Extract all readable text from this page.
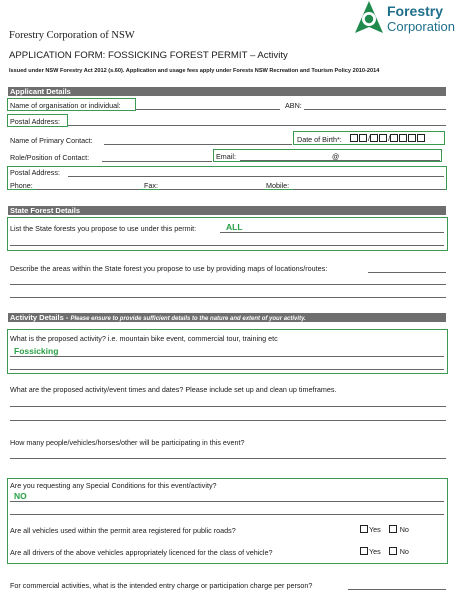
Forestry Corporation of NSW
Forestry
Corporation
APPLICATION FORM: FOSSICKING FOREST PERMIT – Activity
Issued under NSW Forestry Act 2012 (s.60). Application and usage fees apply under Forests NSW Recreation and Tourism Policy 2010-2014
Applicant Details
Name of organisation or individual:	ABN:
Postal Address:
Name of Primary Contact:	Date of Birth*:	/ /
Role/Position of Contact:	Email:	@
Postal Address:
Phone:	Fax:	Mobile:
State Forest Details
List the State forests you propose to use under this permit:	ALL
Describe the areas within the State forest you propose to use by providing maps of locations/routes:
Activity Details - Please ensure to provide sufficient details to the nature and extent of your activity.
What is the proposed activity? i.e. mountain bike event, commercial tour, training etc
Fossicking
What are the proposed activity/event times and dates? Please include set up and clean up timeframes.
How many people/vehicles/horses/other will be participating in this event?
Are you requesting any Special Conditions for this event/activity?
NO
Are all vehicles used within the permit area registered for public roads?	Yes	No
Are all drivers of the above vehicles appropriately licenced for the class of vehicle?	Yes	No
For commercial activities, what is the intended entry charge or participation charge per person?
